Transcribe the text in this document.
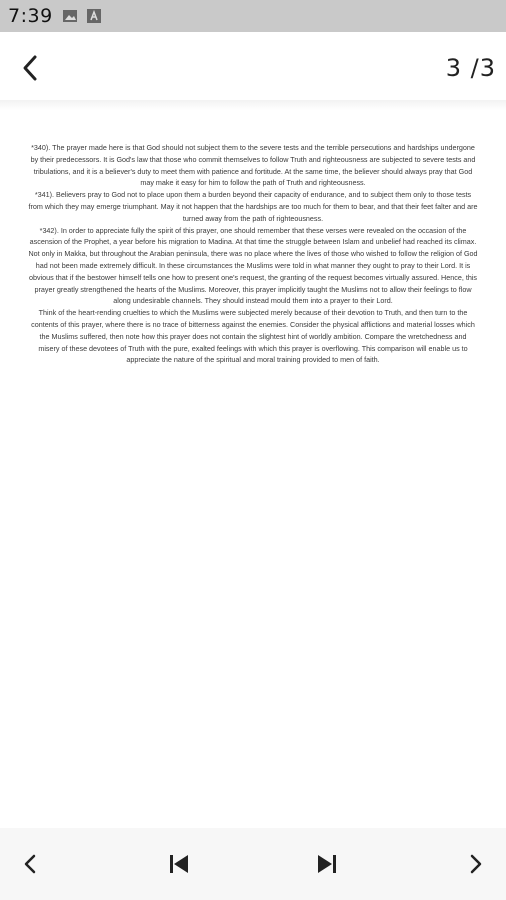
7:39
3 /3

*340). The prayer made here is that God should not subject them to the severe tests and the terrible persecutions and hardships undergone by their predecessors. It is God's law that those who commit themselves to follow Truth and righteousness are subjected to severe tests and tribulations, and it is a believer's duty to meet them with patience and fortitude. At the same time, the believer should always pray that God may make it easy for him to follow the path of Truth and righteousness.

*341). Believers pray to God not to place upon them a burden beyond their capacity of endurance, and to subject them only to those tests from which they may emerge triumphant. May it not happen that the hardships are too much for them to bear, and that their feet falter and are turned away from the path of righteousness.

*342). In order to appreciate fully the spirit of this prayer, one should remember that these verses were revealed on the occasion of the ascension of the Prophet, a year before his migration to Madina. At that time the struggle between Islam and unbelief had reached its climax. Not only in Makka, but throughout the Arabian peninsula, there was no place where the lives of those who wished to follow the religion of God had not been made extremely difficult. In these circumstances the Muslims were told in what manner they ought to pray to their Lord. It is obvious that if the bestower himself tells one how to present one's request, the granting of the request becomes virtually assured. Hence, this prayer greatly strengthened the hearts of the Muslims. Moreover, this prayer implicitly taught the Muslims not to allow their feelings to flow along undesirable channels. They should instead mould them into a prayer to their Lord.

Think of the heart-rending cruelties to which the Muslims were subjected merely because of their devotion to Truth, and then turn to the contents of this prayer, where there is no trace of bitterness against the enemies. Consider the physical afflictions and material losses which the Muslims suffered, then note how this prayer does not contain the slightest hint of worldly ambition. Compare the wretchedness and misery of these devotees of Truth with the pure, exalted feelings with which this prayer is overflowing. This comparison will enable us to appreciate the nature of the spiritual and moral training provided to men of faith.
